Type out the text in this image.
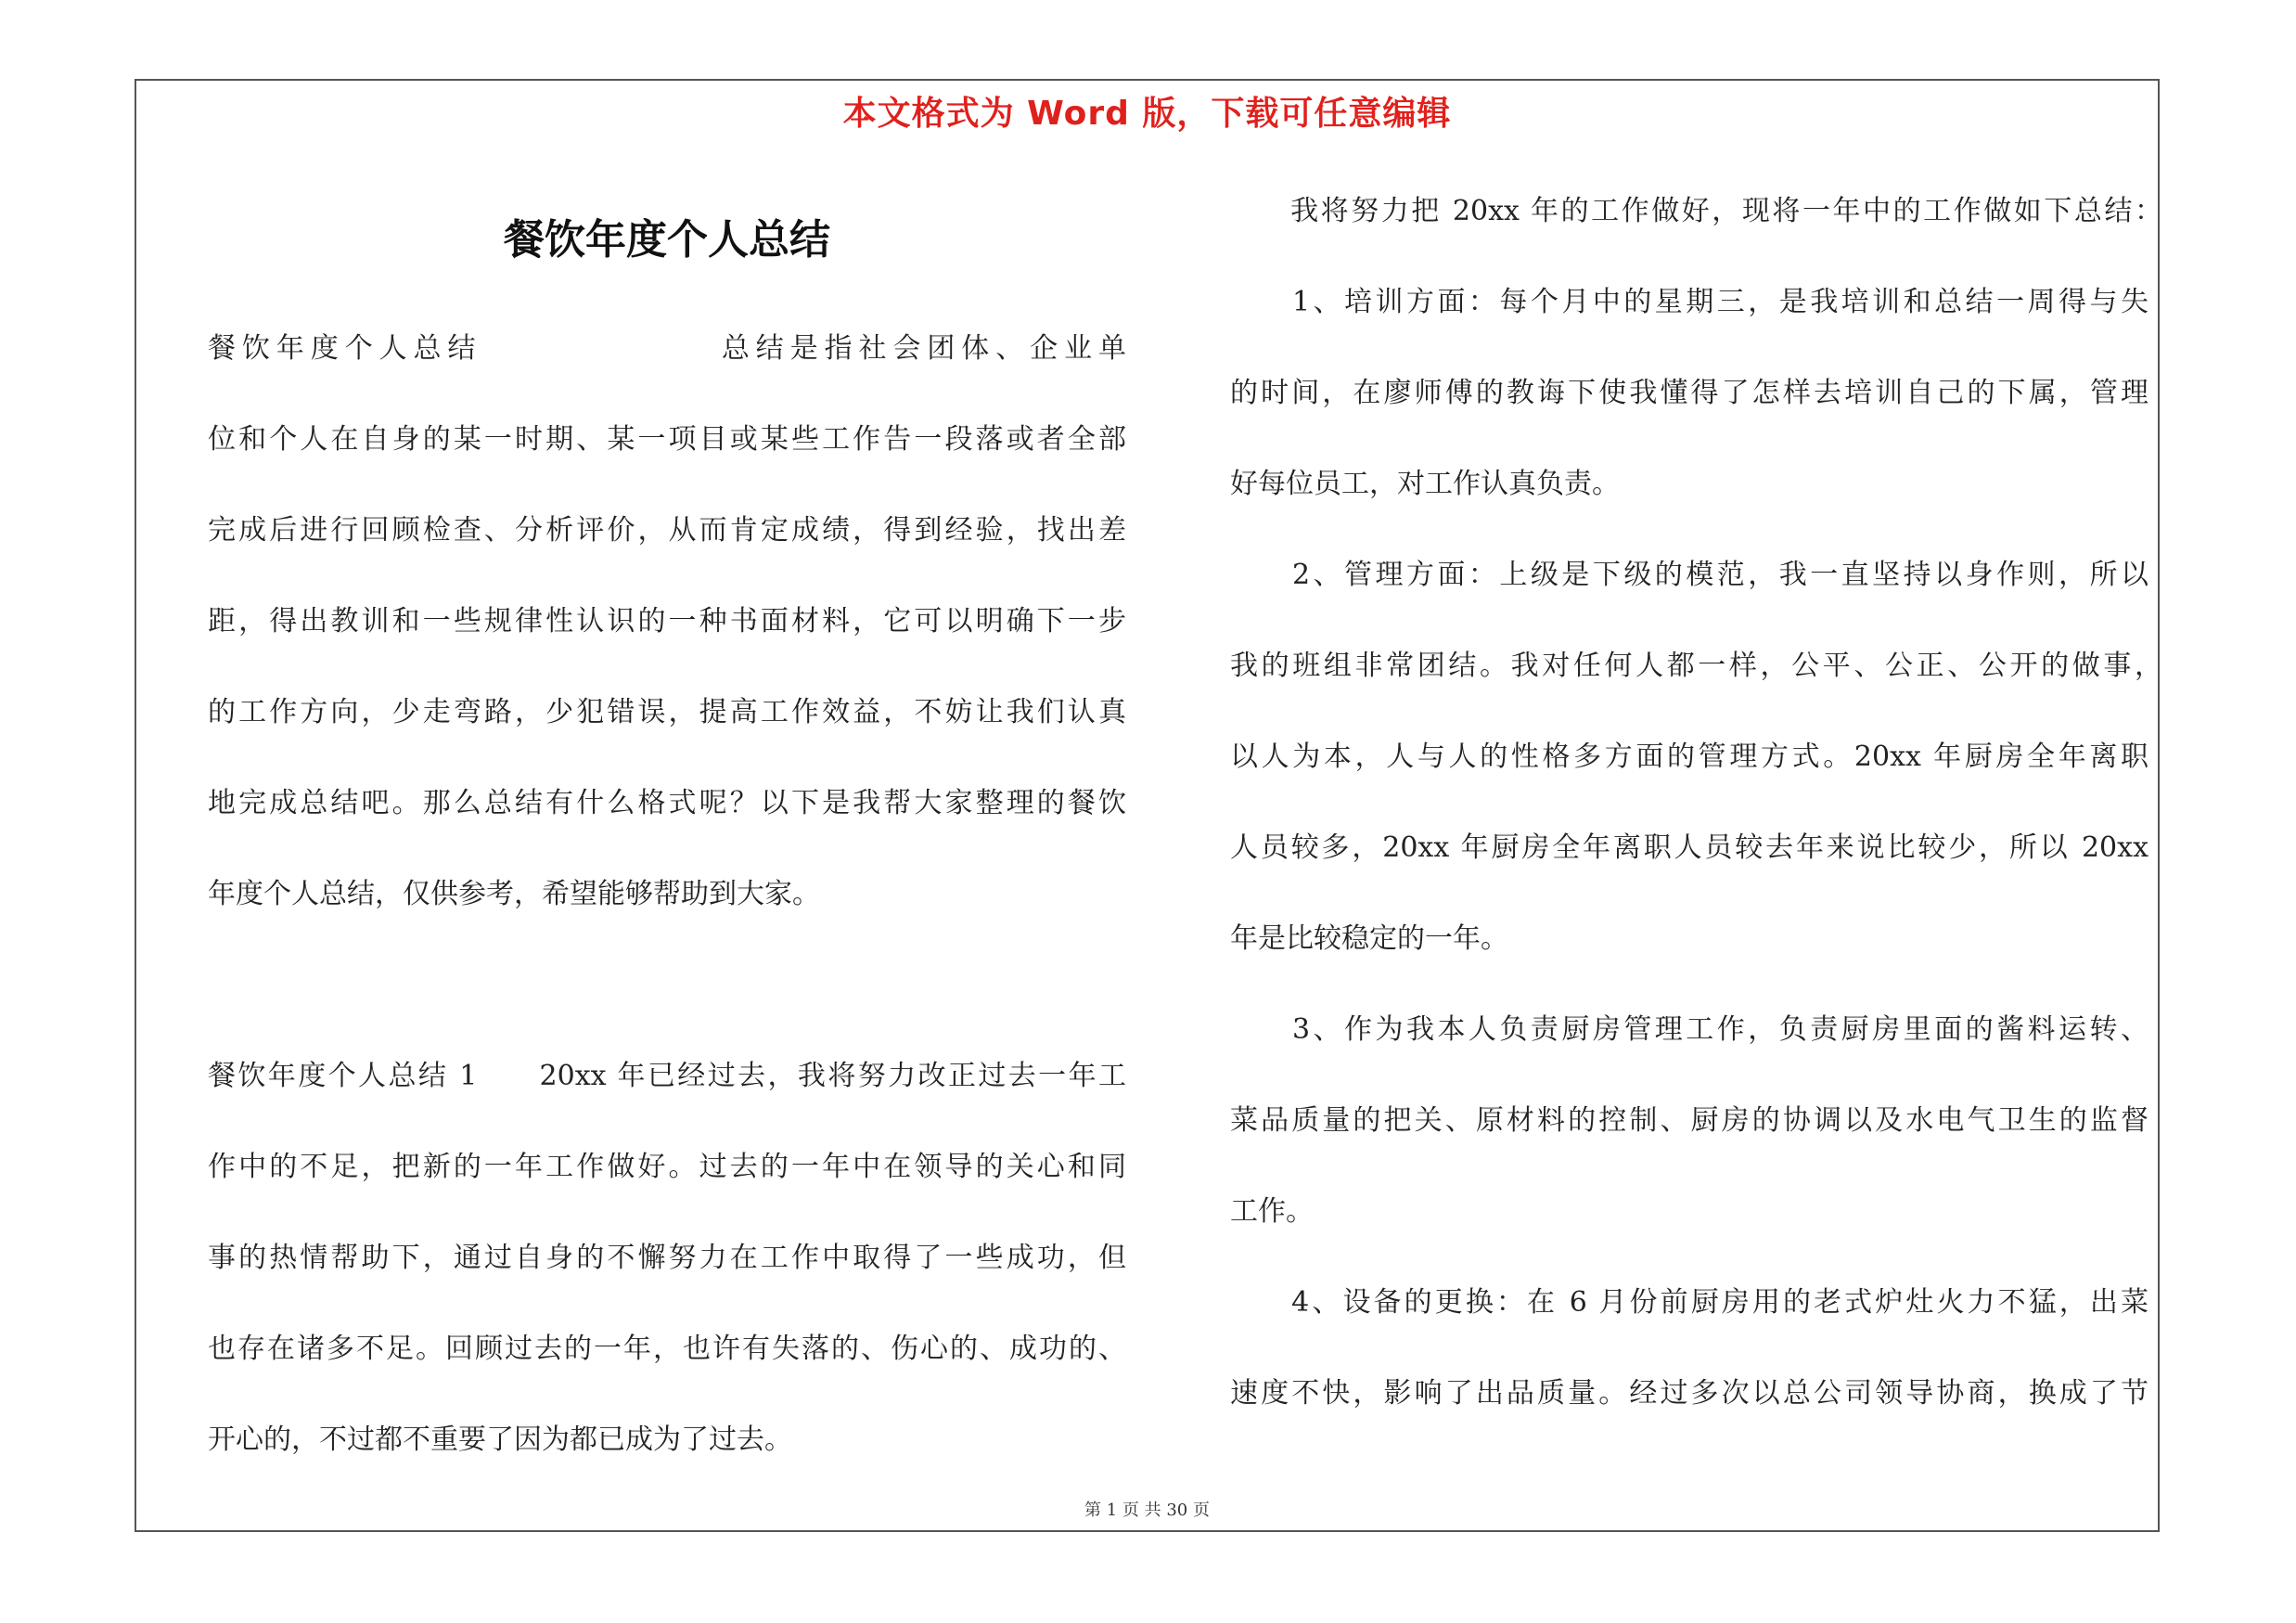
本文格式为 Word 版，下载可任意编辑
餐饮年度个人总结
餐饮年度个人总结　　　　　　　总结是指社会团体、企业单
位和个人在自身的某一时期、某一项目或某些工作告一段落或者全部
完成后进行回顾检查、分析评价，从而肯定成绩，得到经验，找出差
距，得出教训和一些规律性认识的一种书面材料，它可以明确下一步
的工作方向，少走弯路，少犯错误，提高工作效益，不妨让我们认真
地完成总结吧。那么总结有什么格式呢？以下是我帮大家整理的餐饮
年度个人总结，仅供参考，希望能够帮助到大家。
餐饮年度个人总结 1　　20xx 年已经过去，我将努力改正过去一年工
作中的不足，把新的一年工作做好。过去的一年中在领导的关心和同
事的热情帮助下，通过自身的不懈努力在工作中取得了一些成功，但
也存在诸多不足。回顾过去的一年，也许有失落的、伤心的、成功的、
开心的，不过都不重要了因为都已成为了过去。
　　我将努力把 20xx 年的工作做好，现将一年中的工作做如下总结：
　　1、培训方面：每个月中的星期三，是我培训和总结一周得与失
的时间，在廖师傅的教诲下使我懂得了怎样去培训自己的下属，管理
好每位员工，对工作认真负责。
　　2、管理方面：上级是下级的模范，我一直坚持以身作则，所以
我的班组非常团结。我对任何人都一样，公平、公正、公开的做事，
以人为本，人与人的性格多方面的管理方式。20xx 年厨房全年离职
人员较多，20xx 年厨房全年离职人员较去年来说比较少，所以 20xx
年是比较稳定的一年。
　　3、作为我本人负责厨房管理工作，负责厨房里面的酱料运转、
菜品质量的把关、原材料的控制、厨房的协调以及水电气卫生的监督
工作。
　　4、设备的更换：在 6 月份前厨房用的老式炉灶火力不猛，出菜
速度不快，影响了出品质量。经过多次以总公司领导协商，换成了节
第 1 页 共 30 页
